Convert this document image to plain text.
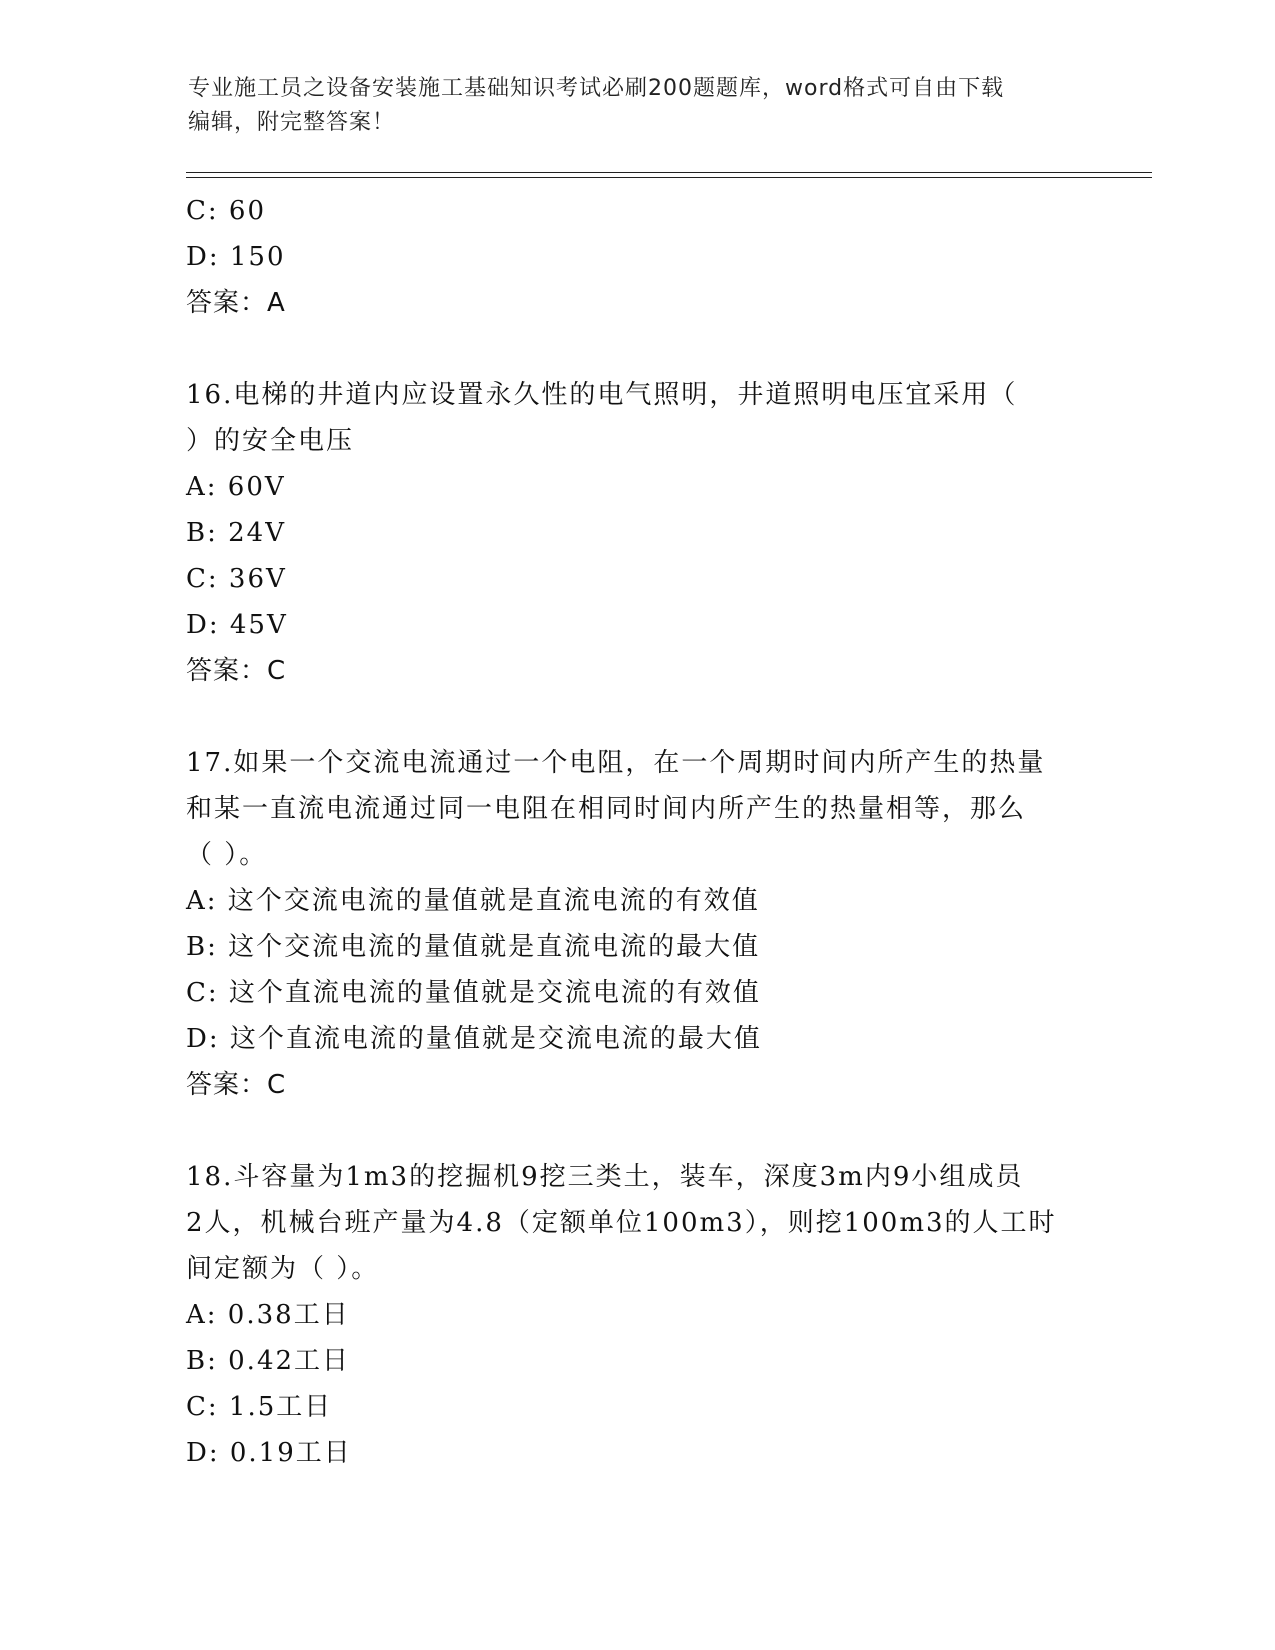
专业施工员之设备安装施工基础知识考试必刷200题题库，word格式可自由下载
编辑，附完整答案！
C: 60
D: 150
答案：A
16.电梯的井道内应设置永久性的电气照明，井道照明电压宜采用（
）的安全电压
A: 60V
B: 24V
C: 36V
D: 45V
答案：C
17.如果一个交流电流通过一个电阻，在一个周期时间内所产生的热量
和某一直流电流通过同一电阻在相同时间内所产生的热量相等，那么
（ ）。
A: 这个交流电流的量值就是直流电流的有效值
B: 这个交流电流的量值就是直流电流的最大值
C: 这个直流电流的量值就是交流电流的有效值
D: 这个直流电流的量值就是交流电流的最大值
答案：C
18.斗容量为1m3的挖掘机9挖三类土，装车，深度3m内9小组成员
2人，机械台班产量为4.8（定额单位100m3），则挖100m3的人工时
间定额为（ ）。
A: 0.38工日
B: 0.42工日
C: 1.5工日
D: 0.19工日
